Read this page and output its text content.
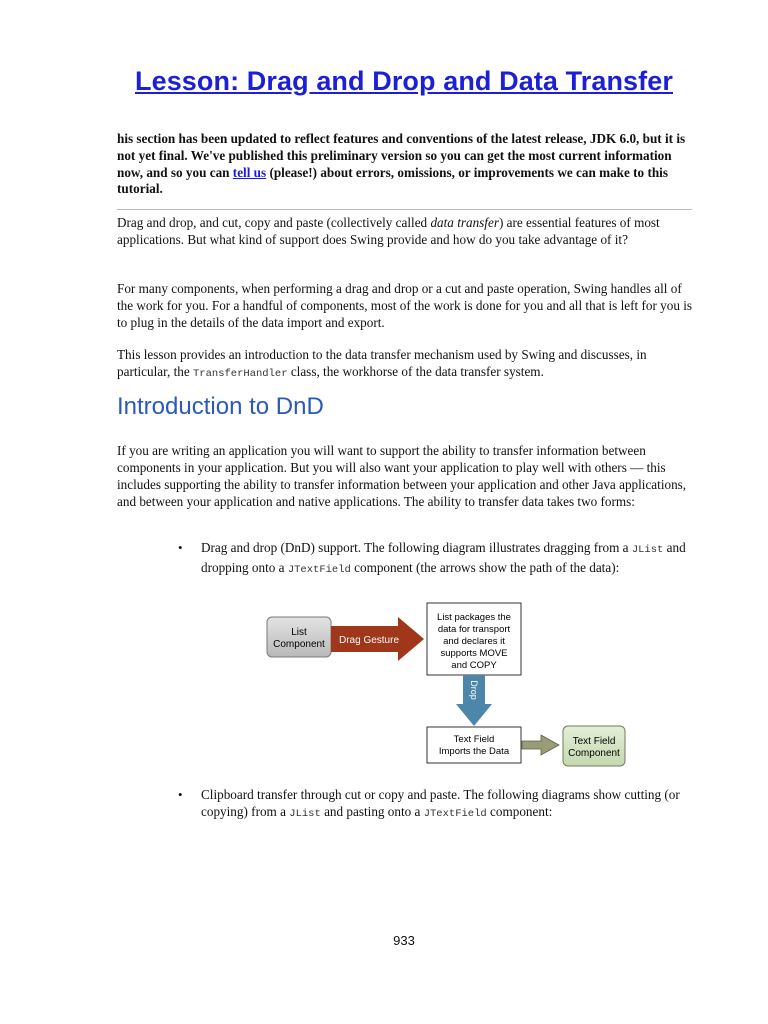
Lesson: Drag and Drop and Data Transfer

his section has been updated to reflect features and conventions of the latest release, JDK 6.0, but it is not yet final. We've published this preliminary version so you can get the most current information now, and so you can tell us (please!) about errors, omissions, or improvements we can make to this tutorial.

Drag and drop, and cut, copy and paste (collectively called data transfer) are essential features of most applications. But what kind of support does Swing provide and how do you take advantage of it?

For many components, when performing a drag and drop or a cut and paste operation, Swing handles all of the work for you. For a handful of components, most of the work is done for you and all that is left for you is to plug in the details of the data import and export.

This lesson provides an introduction to the data transfer mechanism used by Swing and discusses, in particular, the TransferHandler class, the workhorse of the data transfer system.

Introduction to DnD

If you are writing an application you will want to support the ability to transfer information between components in your application. But you will also want your application to play well with others — this includes supporting the ability to transfer information between your application and other Java applications, and between your application and native applications. The ability to transfer data takes two forms:

• Drag and drop (DnD) support. The following diagram illustrates dragging from a JList and dropping onto a JTextField component (the arrows show the path of the data):

List
Component Drag Gesture
List packages the
data for transport
and declares it
supports MOVE
and COPY
Drop
Text Field
Imports the Data
Text Field
Component
• Clipboard transfer through cut or copy and paste. The following diagrams show cutting (or copying) from a JList and pasting onto a JTextField component:

933
